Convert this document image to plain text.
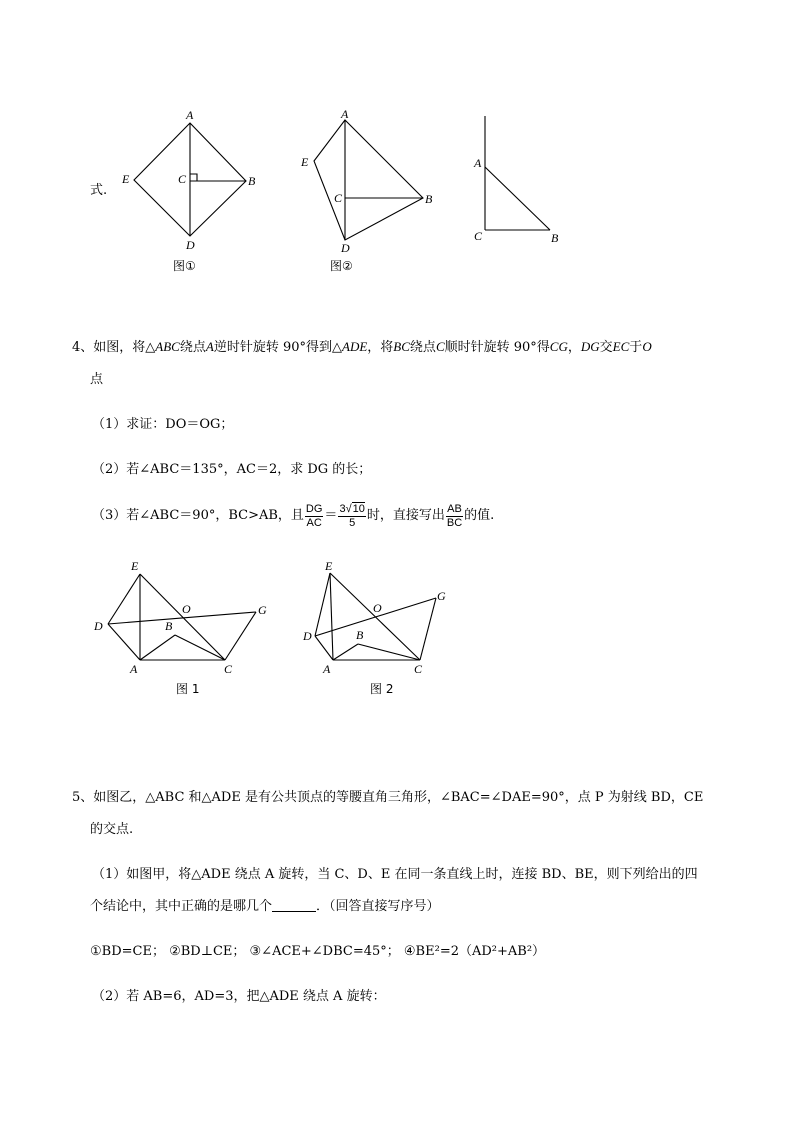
式.
A
B
C
D
E
图①
A
B
C
D
E
图②
A
B
C
4、如图，将△ABC绕点A逆时针旋转 90°得到△ADE，将BC绕点C顺时针旋转 90°得CG，DG交EC于O
点
（1）求证：DO＝OG；
（2）若∠ABC＝135°，AC＝2，求 DG 的长；
（3）若∠ABC＝90°，BC>AB，且 $\frac{DG}{AC} = \frac{3√10}{5}$ 时，直接写出 $\frac{AB}{BC}$ 的值.
E
D
O	G
B
A	C
图 1
E
D
O
G
B
A	C
图 2
5、如图乙，△ABC 和△ADE 是有公共顶点的等腰直角三角形，∠BAC=∠DAE=90°，点 P 为射线 BD，CE
的交点.
（1）如图甲，将△ADE 绕点 A 旋转，当 C、D、E 在同一条直线上时，连接 BD、BE，则下列给出的四
个结论中，其中正确的是哪几个	．（回答直接写序号）
①BD=CE； ②BD⊥CE； ③∠ACE+∠DBC=45°； ④BE²=2（AD²+AB²）
（2）若 AB=6，AD=3，把△ADE 绕点 A 旋转：
